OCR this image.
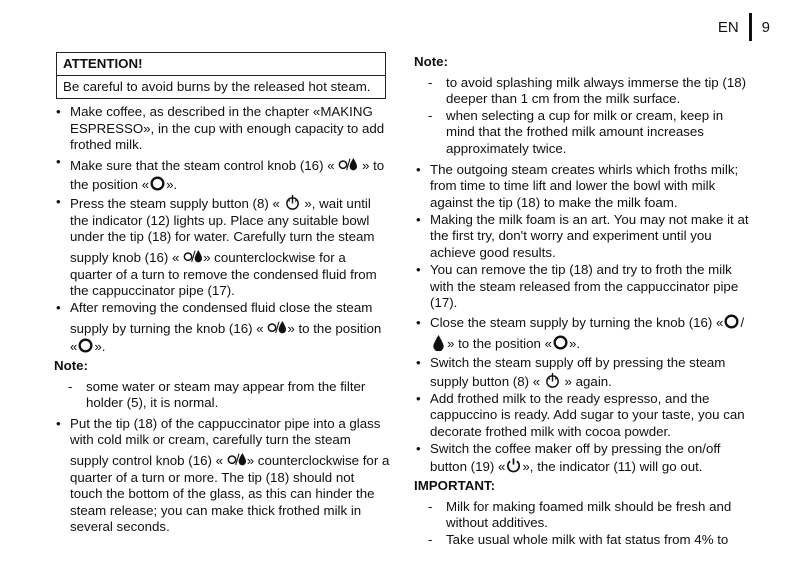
EN 9
ATTENTION!
Be careful to avoid burns by the released hot steam.
• Make coffee, as described in the chapter «MAKING ESPRESSO», in the cup with enough capacity to add frothed milk.
• Make sure that the steam control knob (16) «  » to the position « ».
• Press the steam supply button (8) «  », wait until the indicator (12) lights up. Place any suitable bowl under the tip (18) for water. Carefully turn the steam supply knob (16) « » counterclockwise for a quarter of a turn to remove the condensed fluid from the cappuccinator pipe (17).
• After removing the condensed fluid close the steam supply by turning the knob (16) « » to the position « ».
Note:
- some water or steam may appear from the filter holder (5), it is normal.
• Put the tip (18) of the cappuccinator pipe into a glass with cold milk or cream, carefully turn the steam supply control knob (16) « » counterclockwise for a quarter of a turn or more. The tip (18) should not touch the bottom of the glass, as this can hinder the steam release; you can make thick frothed milk in several seconds.
Note:
- to avoid splashing milk always immerse the tip (18) deeper than 1 cm from the milk surface.
- when selecting a cup for milk or cream, keep in mind that the frothed milk amount increases approximately twice.
• The outgoing steam creates whirls which froths milk; from time to time lift and lower the bowl with milk against the tip (18) to make the milk foam.
• Making the milk foam is an art. You may not make it at the first try, don't worry and experiment until you achieve good results.
• You can remove the tip (18) and try to froth the milk with the steam released from the cappuccinator pipe (17).
• Close the steam supply by turning the knob (16) « /» to the position « ».
• Switch the steam supply off by pressing the steam supply button (8) «  » again.
• Add frothed milk to the ready espresso, and the cappuccino is ready. Add sugar to your taste, you can decorate frothed milk with cocoa powder.
• Switch the coffee maker off by pressing the on/off button (19) « », the indicator (11) will go out.
IMPORTANT:
- Milk for making foamed milk should be fresh and without additives.
- Take usual whole milk with fat status from 4% to
